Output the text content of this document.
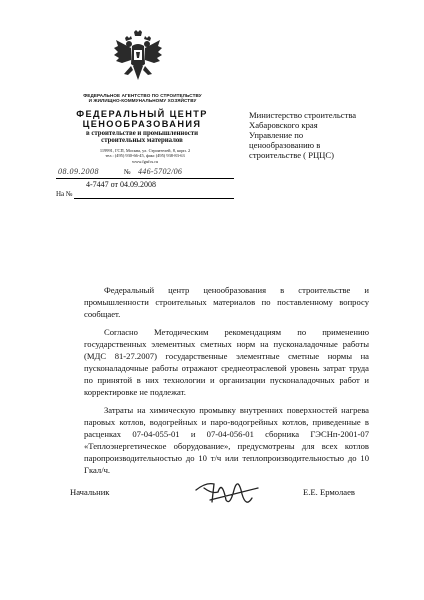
ФЕДЕРАЛЬНОЕ АГЕНТСТВО ПО СТРОИТЕЛЬСТВУ
И ЖИЛИЩНО-КОММУНАЛЬНОМУ ХОЗЯЙСТВУ
ФЕДЕРАЛЬНЫЙ ЦЕНТР
ЦЕНООБРАЗОВАНИЯ
в строительстве и промышленности
строительных материалов
119991, ГСП, Москва, ул. Строителей, 8, корп. 2
тел.: (495) 930-66-45, факс (495) 938-83-63
www.fgufcs.ru
08.09.2008	№ 446-5702/06
4-7447 от 04.09.2008
На №
Министерство строительства
Хабаровского края
Управление по
ценообразованию в
строительстве ( РЦЦС)

Федеральный центр ценообразования в строительстве и промышленности строительных материалов по поставленному вопросу сообщает.

Согласно Методическим рекомендациям по применению государственных элементных сметных норм на пусконаладочные работы (МДС 81-27.2007) государственные элементные сметные нормы на пусконаладочные работы отражают среднеотраслевой уровень затрат труда по принятой в них технологии и организации пусконаладочных работ и корректировке не подлежат.

Затраты на химическую промывку внутренних поверхностей нагрева паровых котлов, водогрейных и паро-водогрейных котлов, приведенные в расценках 07-04-055-01 и 07-04-056-01 сборника ГЭСНп-2001-07 «Теплоэнергетическое оборудование», предусмотрены для всех котлов паропроизводительностью до 10 т/ч или теплопроизводительностью до 10 Гкал/ч.

Начальник	Е.Е. Ермолаев
